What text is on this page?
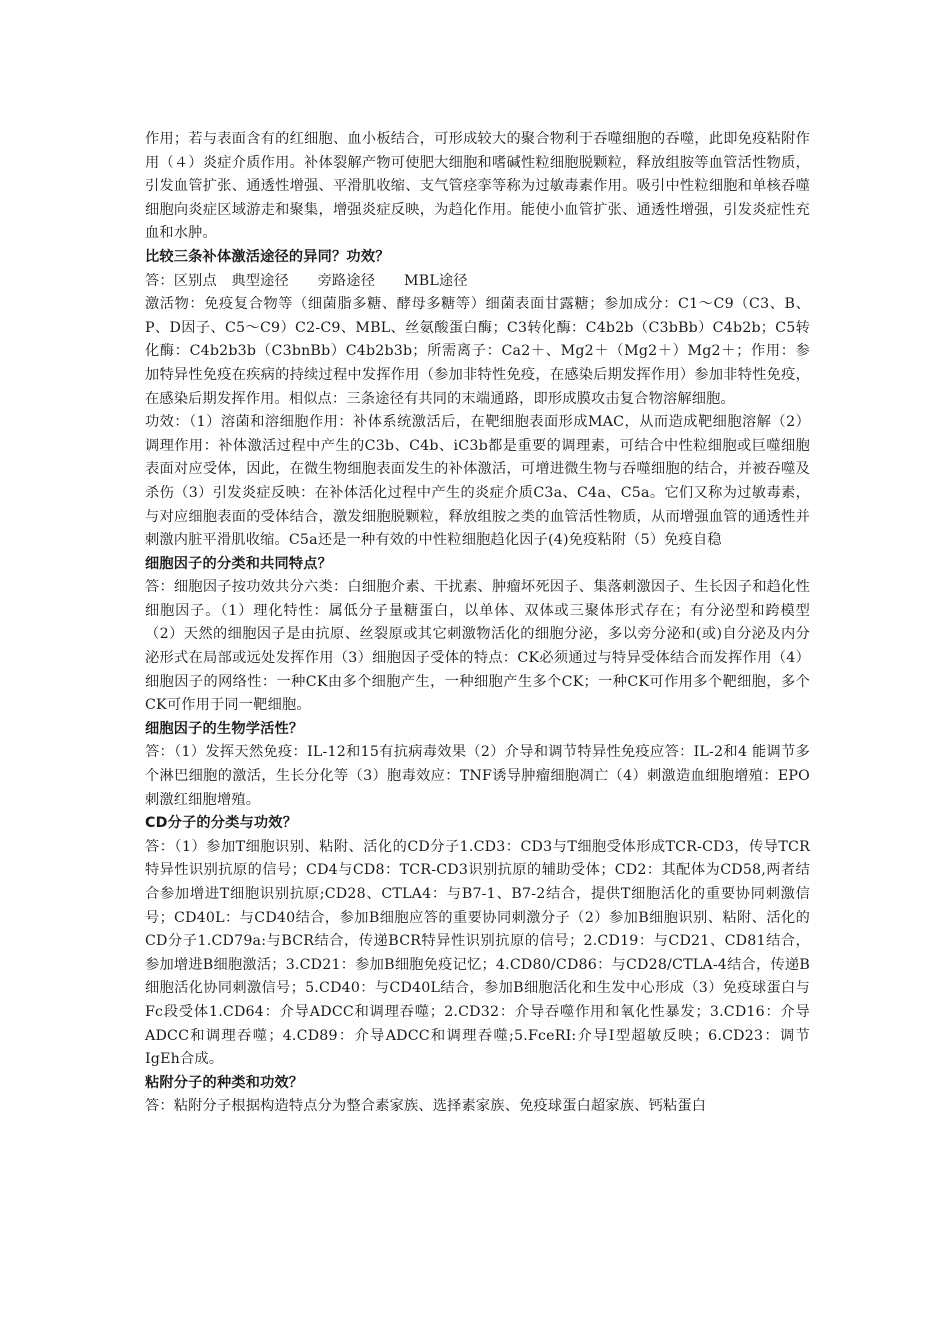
作用；若与表面含有的红细胞、血小板结合，可形成较大的聚合物利于吞噬细胞的吞噬，此即免疫粘附作用（４）炎症介质作用。补体裂解产物可使肥大细胞和嗜碱性粒细胞脱颗粒，释放组胺等血管活性物质，引发血管扩张、通透性增强、平滑肌收缩、支气管痉挛等称为过敏毒素作用。吸引中性粒细胞和单核吞噬细胞向炎症区域游走和聚集，增强炎症反映，为趋化作用。能使小血管扩张、通透性增强，引发炎症性充血和水肿。

比较三条补体激活途径的异同？功效？

答：区别点　典型途径　　旁路途径　　MBL途径

激活物：免疫复合物等（细菌脂多糖、酵母多糖等）细菌表面甘露糖；参加成分：C1～C9（C3、B、P、D因子、C5～C9）C2-C9、MBL、丝氨酸蛋白酶；C3转化酶：C4b2b（C3bBb）C4b2b；C5转化酶：C4b2b3b（C3bnBb）C4b2b3b；所需离子：Ca2＋、Mg2＋（Mg2＋）Mg2＋；作用：参加特异性免疫在疾病的持续过程中发挥作用（参加非特性免疫，在感染后期发挥作用）参加非特性免疫，在感染后期发挥作用。相似点：三条途径有共同的末端通路，即形成膜攻击复合物溶解细胞。

功效：（1）溶菌和溶细胞作用：补体系统激活后，在靶细胞表面形成MAC，从而造成靶细胞溶解（2）调理作用：补体激活过程中产生的C3b、C4b、iC3b都是重要的调理素，可结合中性粒细胞或巨噬细胞表面对应受体，因此，在微生物细胞表面发生的补体激活，可增进微生物与吞噬细胞的结合，并被吞噬及杀伤（3）引发炎症反映：在补体活化过程中产生的炎症介质C3a、C4a、C5a。它们又称为过敏毒素，与对应细胞表面的受体结合，激发细胞脱颗粒，释放组胺之类的血管活性物质，从而增强血管的通透性并刺激内脏平滑肌收缩。C5a还是一种有效的中性粒细胞趋化因子(4)免疫粘附（5）免疫自稳

细胞因子的分类和共同特点？

答：细胞因子按功效共分六类：白细胞介素、干扰素、肿瘤坏死因子、集落刺激因子、生长因子和趋化性细胞因子。（1）理化特性：属低分子量糖蛋白，以单体、双体或三聚体形式存在；有分泌型和跨模型（2）天然的细胞因子是由抗原、丝裂原或其它刺激物活化的细胞分泌，多以旁分泌和(或)自分泌及内分泌形式在局部或远处发挥作用（3）细胞因子受体的特点：CK必须通过与特异受体结合而发挥作用（4）细胞因子的网络性：一种CK由多个细胞产生，一种细胞产生多个CK；一种CK可作用多个靶细胞，多个CK可作用于同一靶细胞。

细胞因子的生物学活性？

答：（1）发挥天然免疫：IL-12和15有抗病毒效果（2）介导和调节特异性免疫应答：IL-2和4 能调节多个淋巴细胞的激活，生长分化等（3）胞毒效应：TNF诱导肿瘤细胞凋亡（4）刺激造血细胞增殖：EPO刺激红细胞增殖。

CD分子的分类与功效？

答：（1）参加T细胞识别、粘附、活化的CD分子1.CD3：CD3与T细胞受体形成TCR-CD3，传导TCR特异性识别抗原的信号；CD4与CD8：TCR-CD3识别抗原的辅助受体；CD2：其配体为CD58,两者结合参加增进T细胞识别抗原;CD28、CTLA4：与B7-1、B7-2结合，提供T细胞活化的重要协同刺激信号；CD40L：与CD40结合，参加B细胞应答的重要协同刺激分子（2）参加B细胞识别、粘附、活化的CD分子1.CD79a:与BCR结合，传递BCR特异性识别抗原的信号；2.CD19：与CD21、CD81结合，参加增进B细胞激活；3.CD21：参加B细胞免疫记忆；4.CD80/CD86：与CD28/CTLA-4结合，传递B细胞活化协同刺激信号；5.CD40：与CD40L结合，参加B细胞活化和生发中心形成（3）免疫球蛋白与Fc段受体1.CD64：介导ADCC和调理吞噬；2.CD32：介导吞噬作用和氧化性暴发；3.CD16：介导ADCC和调理吞噬；4.CD89：介导ADCC和调理吞噬;5.FceRI:介导I型超敏反映；6.CD23：调节IgEh合成。

粘附分子的种类和功效？

答：粘附分子根据构造特点分为整合素家族、选择素家族、免疫球蛋白超家族、钙粘蛋白
